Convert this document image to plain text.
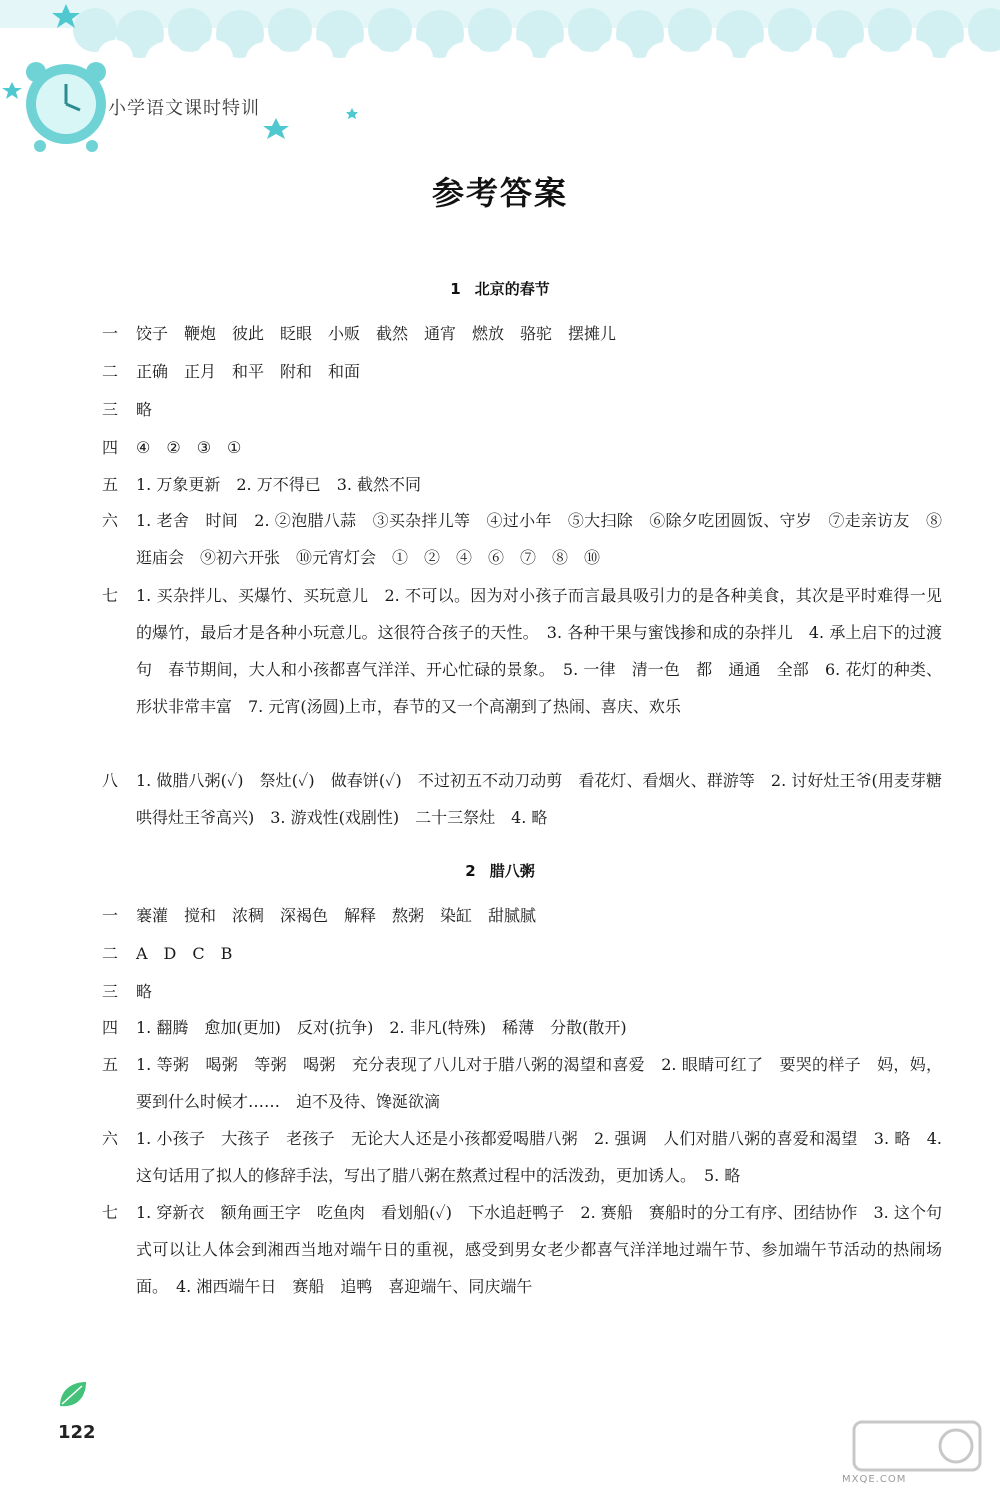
小学语文课时特训
参考答案
1 北京的春节
一	饺子　鞭炮　彼此　眨眼　小贩　截然　通宵　燃放　骆驼　摆摊儿
二	正确　正月　和平　附和　和面
三	略
四	④　②　③　①
五	1. 万象更新　2. 万不得已　3. 截然不同
六	1. 老舍　时间　2. ②泡腊八蒜　③买杂拌儿等　④过小年　⑤大扫除　⑥除夕吃团圆饭、守岁　⑦走亲访友　⑧逛庙会　⑨初六开张　⑩元宵灯会　①　②　④　⑥　⑦　⑧　⑩
七	1. 买杂拌儿、买爆竹、买玩意儿　2. 不可以。因为对小孩子而言最具吸引力的是各种美食，其次是平时难得一见的爆竹，最后才是各种小玩意儿。这很符合孩子的天性。　3. 各种干果与蜜饯掺和成的杂拌儿　4. 承上启下的过渡句　春节期间，大人和小孩都喜气洋洋、开心忙碌的景象。　5. 一律　清一色　都　通通　全部　6. 花灯的种类、形状非常丰富　7. 元宵(汤圆)上市，春节的又一个高潮到了热闹、喜庆、欢乐
八	1. 做腊八粥(✓)　祭灶(✓)　做春饼(✓)　不过初五不动刀动剪　看花灯、看烟火、群游等　2. 讨好灶王爷(用麦芽糖哄得灶王爷高兴)　3. 游戏性(戏剧性)　二十三祭灶　4. 略
2 腊八粥
一	褰灌　搅和　浓稠　深褐色　解释　熬粥　染缸　甜腻腻
二	A　D　C　B
三	略
四	1. 翻腾　愈加(更加)　反对(抗争)　2. 非凡(特殊)　稀薄　分散(散开)
五	1. 等粥　喝粥　等粥　喝粥　充分表现了八儿对于腊八粥的渴望和喜爱　2. 眼睛可红了　要哭的样子　妈，妈，要到什么时候才……　迫不及待、馋涎欲滴
六	1. 小孩子　大孩子　老孩子　无论大人还是小孩都爱喝腊八粥　2. 强调　人们对腊八粥的喜爱和渴望　3. 略　4. 这句话用了拟人的修辞手法，写出了腊八粥在熬煮过程中的活泼劲，更加诱人。　5. 略
七	1. 穿新衣　额角画王字　吃鱼肉　看划船(✓)　下水追赶鸭子　2. 赛船　赛船时的分工有序、团结协作　3. 这个句式可以让人体会到湘西当地对端午日的重视，感受到男女老少都喜气洋洋地过端午节、参加端午节活动的热闹场面。　4. 湘西端午日　赛船　追鸭　喜迎端午、同庆端午
122
MXQE.COM
